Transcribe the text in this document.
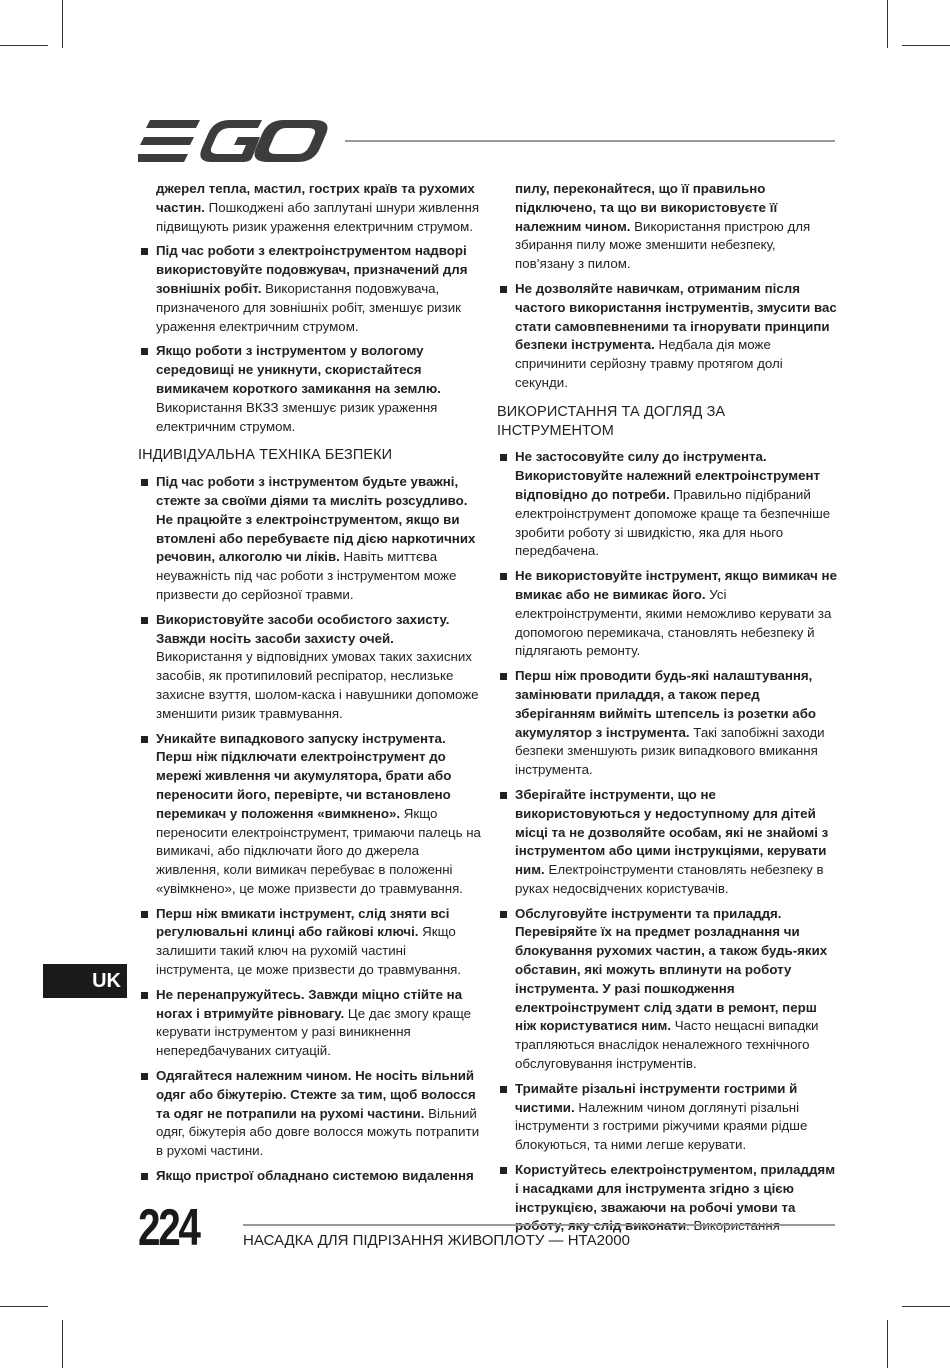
джерел тепла, мастил, гострих країв та рухомих частин. Пошкоджені або заплутані шнури живлення підвищують ризик ураження електричним струмом.
Під час роботи з електроінструментом надворі використовуйте подовжувач, призначений для зовнішніх робіт. Використання подовжувача, призначеного для зовнішніх робіт, зменшує ризик ураження електричним струмом.
Якщо роботи з інструментом у вологому середовищі не уникнути, скористайтеся вимикачем короткого замикання на землю. Використання ВКЗЗ зменшує ризик ураження електричним струмом.
ІНДИВІДУАЛЬНА ТЕХНІКА БЕЗПЕКИ
Під час роботи з інструментом будьте уважні, стежте за своїми діями та мисліть розсудливо. Не працюйте з електроінструментом, якщо ви втомлені або перебуваєте під дією наркотичних речовин, алкоголю чи ліків. Навіть миттєва неуважність під час роботи з інструментом може призвести до серйозної травми.
Використовуйте засоби особистого захисту. Завжди носіть засоби захисту очей. Використання у відповідних умовах таких захисних засобів, як протипиловий респіратор, неслизьке захисне взуття, шолом-каска і навушники допоможе зменшити ризик травмування.
Уникайте випадкового запуску інструмента. Перш ніж підключати електроінструмент до мережі живлення чи акумулятора, брати або переносити його, перевірте, чи встановлено перемикач у положення «вимкнено». Якщо переносити електроінструмент, тримаючи палець на вимикачі, або підключати його до джерела живлення, коли вимикач перебуває в положенні «увімкнено», це може призвести до травмування.
Перш ніж вмикати інструмент, слід зняти всі регулювальні клинці або гайкові ключі. Якщо залишити такий ключ на рухомій частині інструмента, це може призвести до травмування.
Не перенапружуйтесь. Завжди міцно стійте на ногах і втримуйте рівновагу. Це дає змогу краще керувати інструментом у разі виникнення непередбачуваних ситуацій.
Одягайтеся належним чином. Не носіть вільний одяг або біжутерію. Стежте за тим, щоб волосся та одяг не потрапили на рухомі частини. Вільний одяг, біжутерія або довге волосся можуть потрапити в рухомі частини.
Якщо пристрої обладнано системою видалення
пилу, переконайтеся, що її правильно підключено, та що ви використовуєте її належним чином. Використання пристрою для збирання пилу може зменшити небезпеку, пов’язану з пилом.
Не дозволяйте навичкам, отриманим після частого використання інструментів, змусити вас стати самовпевненими та ігнорувати принципи безпеки інструмента. Недбала дія може спричинити серйозну травму протягом долі секунди.
ВИКОРИСТАННЯ ТА ДОГЛЯД ЗА ІНСТРУМЕНТОМ
Не застосовуйте силу до інструмента. Використовуйте належний електроінструмент відповідно до потреби. Правильно підібраний електроінструмент допоможе краще та безпечніше зробити роботу зі швидкістю, яка для нього передбачена.
Не використовуйте інструмент, якщо вимикач не вмикає або не вимикає його. Усі електроінструменти, якими неможливо керувати за допомогою перемикача, становлять небезпеку й підлягають ремонту.
Перш ніж проводити будь-які налаштування, замінювати приладдя, а також перед зберіганням вийміть штепсель із розетки або акумулятор з інструмента. Такі запобіжні заходи безпеки зменшують ризик випадкового вмикання інструмента.
Зберігайте інструменти, що не використовуються у недоступному для дітей місці та не дозволяйте особам, які не знайомі з інструментом або цими інструкціями, керувати ним. Електроінструменти становлять небезпеку в руках недосвідчених користувачів.
Обслуговуйте інструменти та приладдя. Перевіряйте їх на предмет розладнання чи блокування рухомих частин, а також будь-яких обставин, які можуть вплинути на роботу інструмента. У разі пошкодження електроінструмент слід здати в ремонт, перш ніж користуватися ним. Часто нещасні випадки трапляються внаслідок неналежного технічного обслуговування інструментів.
Тримайте різальні інструменти гострими й чистими. Належним чином доглянуті різальні інструменти з гострими ріжучими краями рідше блокуються, та ними легше керувати.
Користуйтесь електроінструментом, приладдям і насадками для інструмента згідно з цією інструкцією, зважаючи на робочі умови та
UK
224	НАСАДКА ДЛЯ ПІДРІЗАННЯ ЖИВОПЛОТУ — HTA2000
